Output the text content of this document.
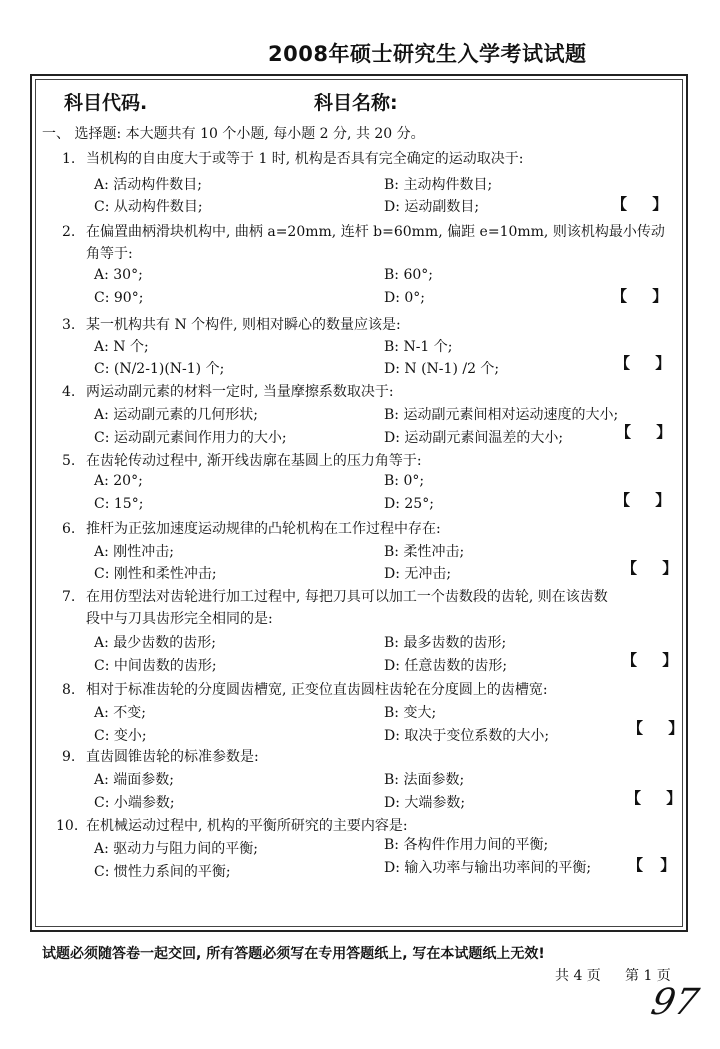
2008年硕士研究生入学考试试题
科目代码.	科目名称:
一、 选择题: 本大题共有 10 个小题, 每小题 2 分, 共 20 分。
1. 当机构的自由度大于或等于 1 时, 机构是否具有完全确定的运动取决于:
A: 活动构件数目;	B: 主动构件数目;
C: 从动构件数目;	D: 运动副数目;	【 】
2. 在偏置曲柄滑块机构中, 曲柄 a=20mm, 连杆 b=60mm, 偏距 e=10mm, 则该机构最小传动
角等于:
A: 30°;	B: 60°;
C: 90°;	D: 0°;	【 】
3. 某一机构共有 N 个构件, 则相对瞬心的数量应该是:
A: N 个;	B: N-1 个;
C: (N/2-1)(N-1) 个;	D: N (N-1) /2 个;	【 】
4. 两运动副元素的材料一定时, 当量摩擦系数取决于:
A: 运动副元素的几何形状;	B: 运动副元素间相对运动速度的大小;
C: 运动副元素间作用力的大小;	D: 运动副元素间温差的大小;	【 】
5. 在齿轮传动过程中, 渐开线齿廓在基圆上的压力角等于:
A: 20°;	B: 0°;
C: 15°;	D: 25°;	【 】
6. 推杆为正弦加速度运动规律的凸轮机构在工作过程中存在:
A: 刚性冲击;	B: 柔性冲击;
C: 刚性和柔性冲击;	D: 无冲击;	【 】
7. 在用仿型法对齿轮进行加工过程中, 每把刀具可以加工一个齿数段的齿轮, 则在该齿数
段中与刀具齿形完全相同的是:
A: 最少齿数的齿形;	B: 最多齿数的齿形;
C: 中间齿数的齿形;	D: 任意齿数的齿形;	【 】
8. 相对于标准齿轮的分度圆齿槽宽, 正变位直齿圆柱齿轮在分度圆上的齿槽宽:
A: 不变;	B: 变大;
C: 变小;	D: 取决于变位系数的大小;	【 】
9. 直齿圆锥齿轮的标准参数是:
A: 端面参数;	B: 法面参数;
C: 小端参数;	D: 大端参数;	【 】
10. 在机械运动过程中, 机构的平衡所研究的主要内容是:
A: 驱动力与阻力间的平衡;	B: 各构件作用力间的平衡;
C: 惯性力系间的平衡;	D: 输入功率与输出功率间的平衡; 【 】
试题必须随答卷一起交回, 所有答题必须写在专用答题纸上, 写在本试题纸上无效!
共 4 页 第 1 页
97
